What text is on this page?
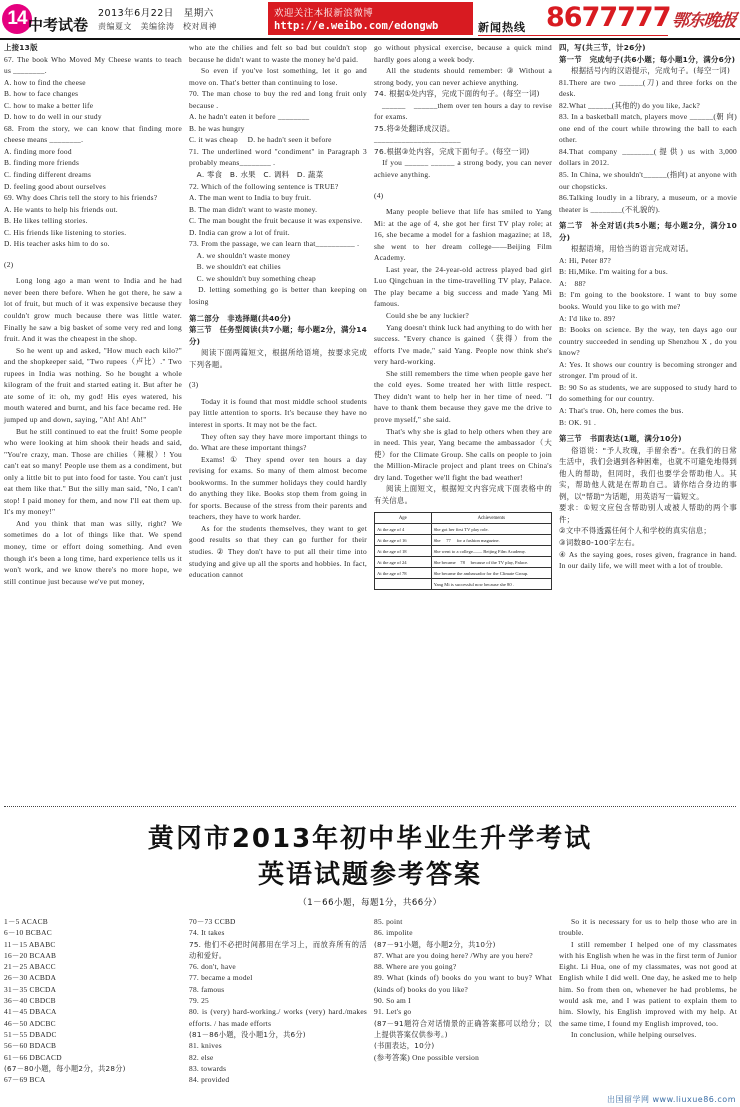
14 中考试卷
2013年6月22日　星期六
责编夏文　美编徐涛　校对周神
欢迎关注本报新浪微博
http://e.weibo.com/edongwb	新闻热线 8677777 鄂东晚报

上接13版

67. The book Who Moved My Cheese wants to teach us ________.

A. how to find the cheese

B. how to face changes

C. how to make a better life

D. how to do well in our study

68. From the story, we can know that finding more cheese means ________.

A. finding more food

B. finding more friends

C. finding different dreams

D. feeling good about ourselves

69. Why does Chris tell the story to his friends?

A. He wants to help his friends out.

B. He likes telling stories.

C. His friends like listening to stories.

D. His teacher asks him to do so.

(2)

Long long ago a man went to India and he had never been there before. When he got there, he saw a lot of fruit, but much of it was expensive because they couldn't grow much because there was little water. Finally he saw a big basket of some very red and long fruit. And it was the cheapest in the shop.

So he went up and asked, "How much each kilo?" and the shopkeeper said, "Two rupees（卢比）." Two rupees in India was nothing. So he bought a whole kilogram of the fruit and started eating it. But after he ate some of it: oh, my god! His eyes watered, his mouth watered and burnt, and his face became red. He jumped up and down, saying, "Ah! Ah! Ah!"

But he still continued to eat the fruit! Some people who were looking at him shook their heads and said, "You're crazy, man. Those are chilies（辣椒）! You can't eat so many! People use them as a condiment, but only a little bit to put into food for taste. You can't just eat them like that." But the silly man said, "No, I can't stop! I paid money for them, and now I'll eat them up. It's my money!"

And you think that man was silly, right? We sometimes do a lot of things like that. We spend money, time or effort doing something. And even though it's been a long time, hard experience tells us it won't work, and we know there's no more hope, we still continue just because we've put money,

who ate the chilies and felt so bad but couldn't stop because he didn't want to waste the money he'd paid.

So even if you've lost something, let it go and move on. That's better than continuing to lose.

70. The man chose to buy the red and long fruit only because .

A. he hadn't eaten it before ________

B. he was hungry

C. it was cheap 　D. he hadn't seen it before

71. The underlined word "condiment" in Paragraph 3 probably means________ .

　A. 零食　B. 水果　C. 调料　D. 蔬菜

72. Which of the following sentence is TRUE?

A. The man went to India to buy fruit.

B. The man didn't want to waste money.

C. The man bought the fruit because it was expensive.

D. India can grow a lot of fruit.

73. From the passage, we can learn that__________ .

　A. we shouldn't waste money

　B. we shouldn't eat chilies

　C. we shouldn't buy something cheap

　D. letting something go is better than keeping on losing

第二部分　非选择题(共40分)

第三节　任务型阅读(共7小题；每小题2分，满分14分)

阅读下面两篇短文，根据所给语境，按要求完成下列各题。

(3)

Today it is found that most middle school students pay little attention to sports. It's because they have no interest in sports. It may not be the fact.

They often say they have more important things to do. What are these important things?

Exams! ① They spend over ten hours a day revising for exams. So many of them almost become bookworms. In the summer holidays they could hardly do anything they like. Books stop them from going in for sports. Because of the stress from their parents and teachers, they have to work harder.

As for the students themselves, they want to get good results so that they can go further for their studies. ② They don't have to put all their time into studying and give up all the sports and hobbies. In fact, education cannot

go without physical exercise, because a quick mind hardly goes along a week body.

All the students should remember: ③ Without a strong body, you can never achieve anything.

74. 根据①处内容，完成下面的句子。(每空一词)

　______　______them over ten hours a day to revise for exams.

75.将②处翻译成汉语。

______________________

76.根据③处内容，完成下面句子。(每空一词)

　If you ______ ______ a strong body, you can never achieve anything.

(4)

Many people believe that life has smiled to Yang Mi: at the age of 4, she got her first TV play role; at 16, she became a model for a fashion magazine; at 18, she went to her dream college——Beijing Film Academy.

Last year, the 24-year-old actress played bad girl Luo Qingchuan in the time-travelling TV play, Palace. The play became a big success and made Yang Mi famous.

Could she be any luckier?

Yang doesn't think luck had anything to do with her success. "Every chance is gained（获得）from the efforts I've made," said Yang. People now think she's very hard-working.

She still remembers the time when people gave her the cold eyes. Some treated her with little respect. They didn't want to help her in her time of need. "I have to thank them because they gave me the drive to prove myself," she said.

That's why she is glad to help others when they are in need. This year, Yang became the ambassador（大使）for the Climate Group. She calls on people to join the Million-Miracle project and plant trees on China's dry land. Together we'll fight the bad weather!

阅读上面短文，根据短文内容完成下面表格中的有关信息。

Age	Achievements
At the age of 4	She got her first TV play role.
At the age of 16	She 　77　 for a fashion magazine.
At the age of 18	She went to a college—— Beijing Film Academy.
At the age of 24	She became　78　 because of the TV play, Palace.
At the age of 78	She became the ambassador for the Climate Group.
	Yang Mi is successful now because she 80 .

四，写(共三节，计26分)

第一节　完成句子(共6小题；每小题1分，满分6分)

根据括号内的汉语提示，完成句子。(每空一词)

81.There are two ______(刀) and three forks on the desk.

82.What ______(其他的) do you like, Jack?

83. In a basketball match, players move ______(朝 向) one end of the court while throwing the ball to each other.

84.That company ________(提供) us with 3,000 dollars in 2012.

85. In China, we shouldn't______(指向) at anyone with our chopsticks.

86.Talking loudly in a library, a museum, or a movie theater is ________(不礼貌的).

第二节　补全对话(共5小题；每小题2分，满分10分)

根据语境，用恰当的语言完成对话。

A: Hi, Peter 87?

B: Hi,Mike. I'm waiting for a bus.

A:　88?

B: I'm going to the bookstore. I want to buy some books. Would you like to go with me?

A: I'd like to. 89?

B: Books on science. By the way, ten days ago our country succeeded in sending up Shenzhou X , do you know?

A: Yes. It shows our country is becoming stronger and stronger. I'm proud of it.

B: 90 So as students, we are supposed to study hard to do something for our country.

A: That's true. Oh, here comes the bus.

B: OK. 91 .

第三节　书面表达(1题，满分10分)

俗语说："予人玫瑰，手留余香"。在我们的日常生活中，我们会遇到各种困难，也就不可避免地得到他人的帮助，但同时，我们也要学会帮助他人。其实，帮助他人就是在帮助自己。请你结合身边的事例，以"帮助"为话题，用英语写一篇短文。

要求：①短文应包含帮助别人或被人帮助的两个事件；

②文中不得透露任何个人和学校的真实信息；

③词数80-100字左右。

④ As the saying goes, roses given, fragrance in hand. In our daily life, we will meet with a lot of trouble.

黄冈市2013年初中毕业生升学考试
英语试题参考答案
（1－66小题，每题1分，共66分）

1－5 ACACB

6－10 BCBAC

11－15 ABABC

16－20 BCAAB

21－25 ABACC

26－30 ACBDA

31－35 CBCDA

36－40 CBDCB

41－45 DBACA

46－50 ADCBC

51－55 DBADC

56－60 BDACB

61－66 DBCACD

(67－80小题，每小题2分，共28分)

67－69 BCA

70－73 CCBD

74. It takes

75. 他们不必把时间都用在学习上，而放弃所有的活动和爱好。

76. don't, have

77. became a model

78. famous

79. 25

80. is (very) hard-working./ works (very) hard./makes efforts. / has made efforts

(81－86小题，没小题1分，共6分)

81. knives

82. else

83. towards

84. provided

85. point

86. impolite

(87－91小题，每小题2分，共10分)

87. What are you doing here? /Why are you here?

88. Where are you going?

89. What (kinds of) books do you want to buy? What (kinds of) books do you like?

90. So am I

91. Let's go

(87－91题符合对话情景的正确答案都可以给分；以上提供答案仅供参考。)

(书面表达，10分)

(参考答案) One possible version

So it is necessary for us to help those who are in trouble.

I still remember I helped one of my classmates with his English when he was in the first term of Junior Eight. Li Hua, one of my classmates, was not good at English while I did well. One day, he asked me to help him. So from then on, whenever he had problems, he would ask me, and I was patient to explain them to him. Slowly, his English improved with my help. At the same time, I found my English improved, too.

In conclusion, while helping ourselves.

出国留学网 www.liuxue86.com
